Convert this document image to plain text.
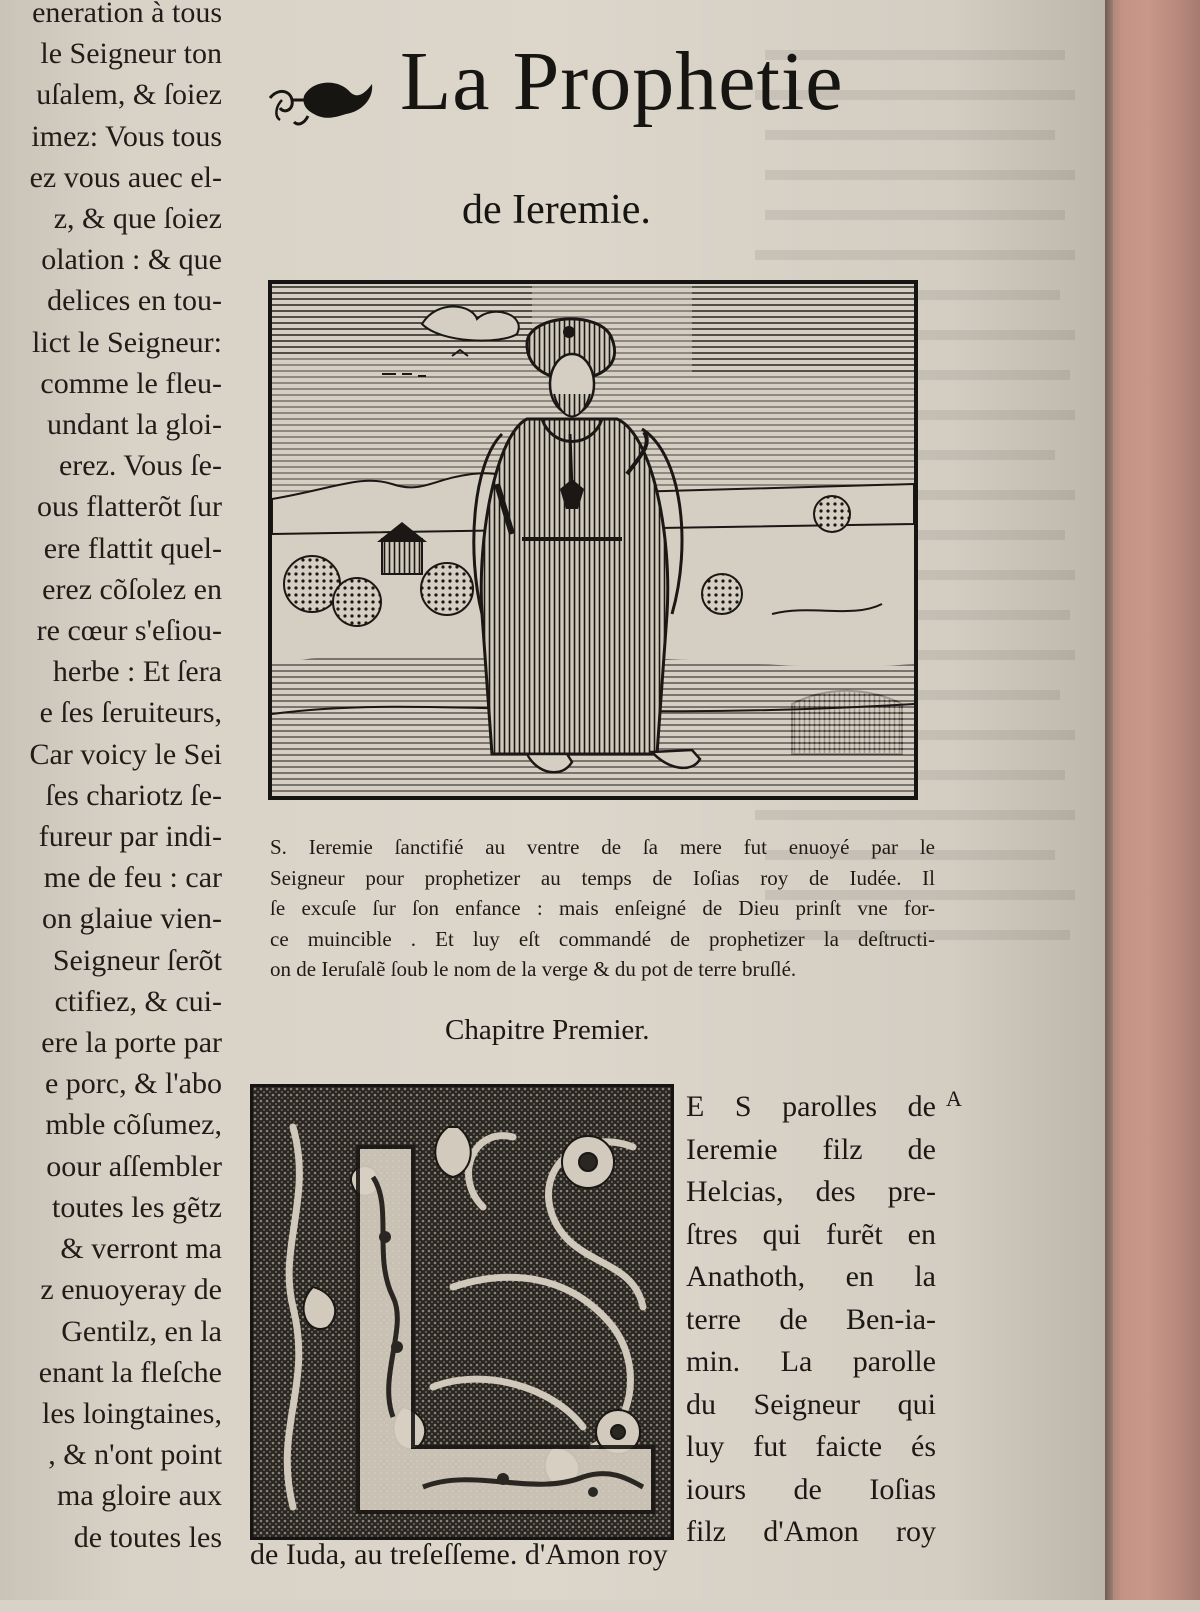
eneration à tous
le Seigneur ton
uſalem, & ſoiez
imez: Vous tous
ez vous auec el-
z, & que ſoiez
olation : & que
delices en tou-
lict le Seigneur:
comme le fleu-
undant la gloi-
erez. Vous ſe-
ous flatterõt ſur
ere flattit quel-
erez cõſolez en
re cœur s'eſiou-
herbe : Et ſera
e ſes ſeruiteurs,
Car voicy le Sei
ſes chariotz ſe-
fureur par indi-
me de feu : car
on glaiue vien-
Seigneur ſerõt
ctifiez, & cui-
ere la porte par
e porc, & l'abo
mble cõſumez,
oour aſſembler
toutes les gẽtz
& verront ma
z enuoyeray de
Gentilz, en la
enant la fleſche
les loingtaines,
, & n'ont point
ma gloire aux
de toutes les
La Prophetie
de Ieremie.
S. Ieremie ſanctifié au ventre de ſa mere fut enuoyé par le
Seigneur pour prophetizer au temps de Ioſias roy de Iudée. Il
ſe excuſe ſur ſon enfance : mais enſeigné de Dieu prinſt vne for-
ce muincible . Et luy eſt commandé de prophetizer la deſtructi-
on de Ieruſalẽ ſoub le nom de la verge & du pot de terre bruſlé.
Chapitre Premier.
E S parolles de
Ieremie filz de
Helcias, des pre-
ſtres qui furẽt en
Anathoth, en la
terre de Ben-ia-
min. La parolle
du Seigneur qui
luy fut faicte és
iours de Ioſias
filz d'Amon roy
A
de Iuda, au treſeſſeme. d'Amon roy
